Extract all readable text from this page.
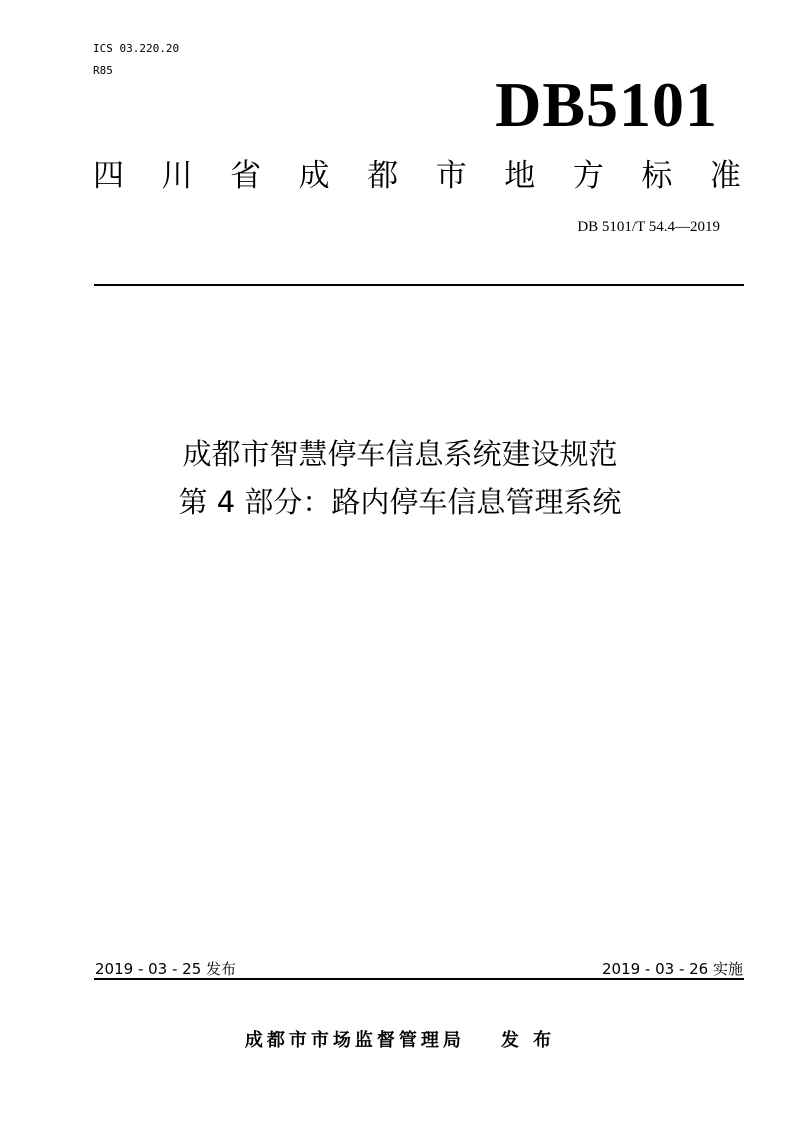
ICS 03.220.20
R85	DB5101
四 川 省 成 都 市 地 方 标 准
DB 5101/T 54.4—2019
成都市智慧停车信息系统建设规范
第 4 部分：路内停车信息管理系统
2019 - 03 - 25 发布	2019 - 03 - 26 实施
成都市市场监督管理局 发 布
